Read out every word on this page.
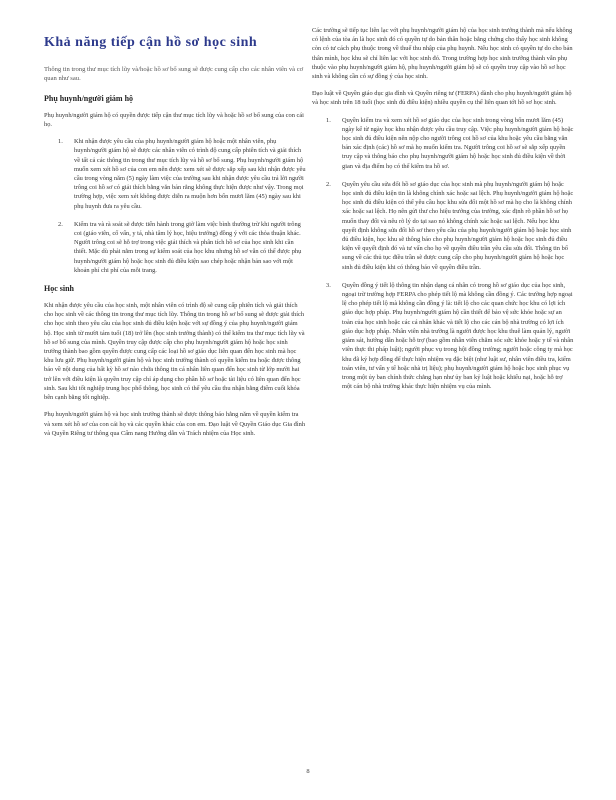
Khả năng tiếp cận hồ sơ học sinh

Thông tin trong thư mục tích lũy và/hoặc hồ sơ bổ sung sẽ được cung cấp cho các nhân viên và cơ quan như sau.

Phụ huynh/người giám hộ

Phụ huynh/người giám hộ có quyền được tiếp cận thư mục tích lũy và hoặc hồ sơ bổ sung của con cái họ.

1. Khi nhận được yêu cầu của phụ huynh/người giám hộ hoặc một nhân viên, phụ huynh/người giám hộ sẽ được các nhân viên có trình độ cung cấp phiên tích và giải thích về tất cả các thông tin trong thư mục tích lũy và hồ sơ bổ sung. Phụ huynh/người giám hộ muốn xem xét hồ sơ của con em nên được xem xét sẽ được sắp xếp sau khi nhận được yêu cầu trong vòng năm (5) ngày làm việc của trường sau khi nhận được yêu cầu trả lời người trông coi hồ sơ có giải thích bằng văn bản rằng không thực hiện được như vậy. Trong mọi trường hợp, việc xem xét không được diễn ra muộn hơn bốn mươi lăm (45) ngày sau khi phụ huynh đưa ra yêu cầu.
2. Kiểm tra và rà soát sẽ được tiến hành trong giờ làm việc bình thường trừ khi người trông coi (giáo viên, cố vấn, y tá, nhà tâm lý học, hiệu trưởng) đồng ý với các thỏa thuận khác. Người trông coi sẽ hỗ trợ trong việc giải thích và phân tích hồ sơ của học sinh khi cần thiết. Mặc dù phải nằm trong sự kiểm soát của học khu nhưng hồ sơ vẫn có thể được phụ huynh/người giám hộ hoặc học sinh đủ điều kiện sao chép hoặc nhận bản sao với một khoản phí chi phí của mỗi trang.
Học sinh

Khi nhận được yêu cầu của học sinh, một nhân viên có trình độ sẽ cung cấp phiên tích và giải thích cho học sinh về các thông tin trong thư mục tích lũy. Thông tin trong hồ sơ bổ sung sẽ được giải thích cho học sinh theo yêu cầu của học sinh đủ điều kiện hoặc với sự đồng ý của phụ huynh/người giám hộ. Học sinh từ mười tám tuổi (18) trở lên (học sinh trưởng thành) có thể kiểm tra thư mục tích lũy và hồ sơ bổ sung của mình. Quyền truy cập được cấp cho phụ huynh/người giám hộ hoặc học sinh trưởng thành bao gồm quyền được cung cấp các loại hồ sơ giáo dục liên quan đến học sinh mà học khu lưu giữ. Phụ huynh/người giám hộ và học sinh trưởng thành có quyền kiểm tra hoặc được thông báo về nội dung của bất kỳ hồ sơ nào chứa thông tin cá nhân liên quan đến học sinh từ lớp mười hai trở lên với điều kiện là quyền truy cập chỉ áp dụng cho phần hồ sơ hoặc tài liệu có liên quan đến học sinh. Sau khi tốt nghiệp trung học phổ thông, học sinh có thể yêu cầu thu nhận bằng điểm cuối khóa bên cạnh bằng tốt nghiệp.

Phụ huynh/người giám hộ và học sinh trưởng thành sẽ được thông báo hằng năm về quyền kiểm tra và xem xét hồ sơ của con cái họ và các quyền khác của con em. Đạo luật về Quyền Giáo dục Gia đình và Quyền Riêng tư thông qua Cẩm nang Hướng dẫn và Trách nhiệm của Học sinh.

Các trường sẽ tiếp tục liên lạc với phụ huynh/người giám hộ của học sinh trưởng thành mà nếu không có lệnh của tòa án là học sinh đó có quyền tự do bản thân hoặc bằng chứng cho thấy học sinh không còn có tư cách phụ thuộc trong về thuế thu nhập của phụ huynh. Nếu học sinh có quyền tự do cho bản thân mình, học khu sẽ chỉ liên lạc với học sinh đó. Trong trường hợp học sinh trưởng thành vẫn phụ thuộc vào phụ huynh/người giám hộ, phụ huynh/người giám hộ sẽ có quyền truy cập vào hồ sơ học sinh và không cần có sự đồng ý của học sinh.

Đạo luật về Quyền giáo dục gia đình và Quyền riêng tư (FERPA) dành cho phụ huynh/người giám hộ và học sinh trên 18 tuổi (học sinh đủ điều kiện) nhiều quyền cụ thể liên quan tới hồ sơ học sinh.

1. Quyền kiểm tra và xem xét hồ sơ giáo dục của học sinh trong vòng bốn mươi lăm (45) ngày kể từ ngày học khu nhận được yêu cầu truy cập. Việc phụ huynh/người giám hộ hoặc học sinh đủ điều kiện nên nộp cho người trông coi hồ sơ của khu hoặc yêu cầu bằng văn bản xác định (các) hồ sơ mà họ muốn kiểm tra. Người trông coi hồ sơ sẽ sắp xếp quyền truy cập và thông báo cho phụ huynh/người giám hộ hoặc học sinh đủ điều kiện về thời gian và địa điểm họ có thể kiểm tra hồ sơ.
2. Quyền yêu cầu sửa đổi hồ sơ giáo dục của học sinh mà phụ huynh/người giám hộ hoặc học sinh đủ điều kiện tin là không chính xác hoặc sai lệch. Phụ huynh/người giám hộ hoặc học sinh đủ điều kiện có thể yêu cầu học khu sửa đổi một hồ sơ mà họ cho là không chính xác hoặc sai lệch. Họ nên gửi thư cho hiệu trưởng của trường, xác định rõ phần hồ sơ họ muốn thay đổi và nêu rõ lý do tại sao nó không chính xác hoặc sai lệch. Nếu học khu quyết định không sửa đổi hồ sơ theo yêu cầu của phụ huynh/người giám hộ hoặc học sinh đủ điều kiện, học khu sẽ thông báo cho phụ huynh/người giám hộ hoặc học sinh đủ điều kiện về quyết định đó và tư vấn cho họ về quyền điều trần yêu cầu sửa đổi. Thông tin bổ sung về các thủ tục điều trần sẽ được cung cấp cho phụ huynh/người giám hộ hoặc học sinh đủ điều kiện khi có thông báo về quyền điều trần.
3. Quyền đồng ý tiết lộ thông tin nhận dạng cá nhân có trong hồ sơ giáo dục của học sinh, ngoại trừ trường hợp FERPA cho phép tiết lộ mà không cần đồng ý. Các trường hợp ngoại lệ cho phép tiết lộ mà không cần đồng ý là: tiết lộ cho các quan chức học khu có lợi ích giáo dục hợp pháp. Phụ huynh/người giám hộ cần thiết để bảo vệ sức khỏe hoặc sự an toàn của học sinh hoặc các cá nhân khác và tiết lộ cho các cán bộ nhà trường có lợi ích giáo dục hợp pháp. Nhân viên nhà trường là người được học khu thuê làm quản lý, người giám sát, hướng dẫn hoặc hỗ trợ (bao gồm nhân viên chăm sóc sức khỏe hoặc y tế và nhân viên thực thi pháp luật); người phục vụ trong hội đồng trường; người hoặc công ty mà học khu đã ký hợp đồng để thực hiện nhiệm vụ đặc biệt (như luật sư, nhân viên điều tra, kiểm toán viên, tư vấn y tế hoặc nhà trị liệu); phụ huynh/người giám hộ hoặc học sinh phục vụ trong một ủy ban chính thức chẳng hạn như ủy ban kỷ luật hoặc khiếu nại, hoặc hỗ trợ một cán bộ nhà trường khác thực hiện nhiệm vụ của mình.
8
